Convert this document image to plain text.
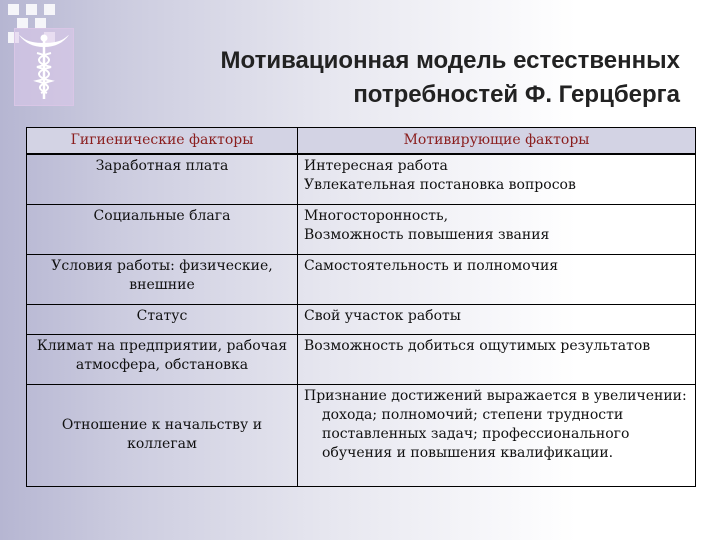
Мотивационная модель естественных
потребностей Ф. Герцберга
Гигиенические факторы	Мотивирующие факторы
Заработная плата	Интересная работа
Увлекательная постановка вопросов

Социальные блага	Многосторонность,
Возможность повышения звания

Условия работы: физические, внешние	Самостоятельность и полномочия

Статус	Свой участок работы

Климат на предприятии, рабочая атмосфера, обстановка	Возможность добиться ощутимых результатов

Отношение к начальству и коллегам	Признание достижений выражается в увеличении:
дохода; полномочий; степени трудности
поставленных задач; профессионального
обучения и повышения квалификации.
